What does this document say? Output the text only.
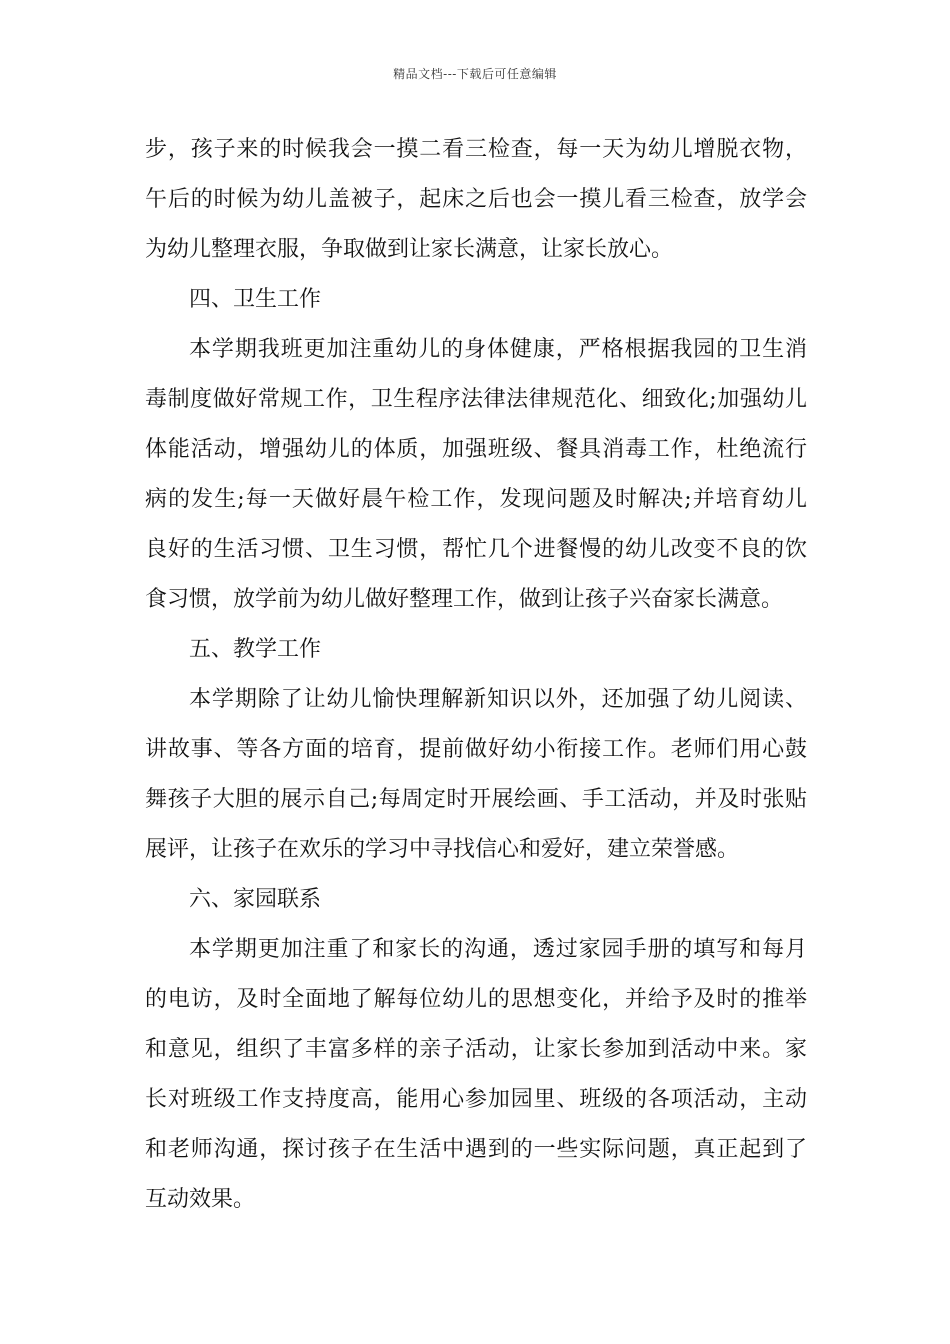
精品文档---下载后可任意编辑
步，孩子来的时候我会一摸二看三检查，每一天为幼儿增脱衣物，
午后的时候为幼儿盖被子，起床之后也会一摸儿看三检查，放学会
为幼儿整理衣服，争取做到让家长满意，让家长放心。
四、卫生工作
本学期我班更加注重幼儿的身体健康，严格根据我园的卫生消
毒制度做好常规工作，卫生程序法律法律规范化、细致化;加强幼儿
体能活动，增强幼儿的体质，加强班级、餐具消毒工作，杜绝流行
病的发生;每一天做好晨午检工作，发现问题及时解决;并培育幼儿
良好的生活习惯、卫生习惯，帮忙几个进餐慢的幼儿改变不良的饮
食习惯，放学前为幼儿做好整理工作，做到让孩子兴奋家长满意。
五、教学工作
本学期除了让幼儿愉快理解新知识以外，还加强了幼儿阅读、
讲故事、等各方面的培育，提前做好幼小衔接工作。老师们用心鼓
舞孩子大胆的展示自己;每周定时开展绘画、手工活动，并及时张贴
展评，让孩子在欢乐的学习中寻找信心和爱好，建立荣誉感。
六、家园联系
本学期更加注重了和家长的沟通，透过家园手册的填写和每月
的电访，及时全面地了解每位幼儿的思想变化，并给予及时的推举
和意见，组织了丰富多样的亲子活动，让家长参加到活动中来。家
长对班级工作支持度高，能用心参加园里、班级的各项活动，主动
和老师沟通，探讨孩子在生活中遇到的一些实际问题，真正起到了
互动效果。
